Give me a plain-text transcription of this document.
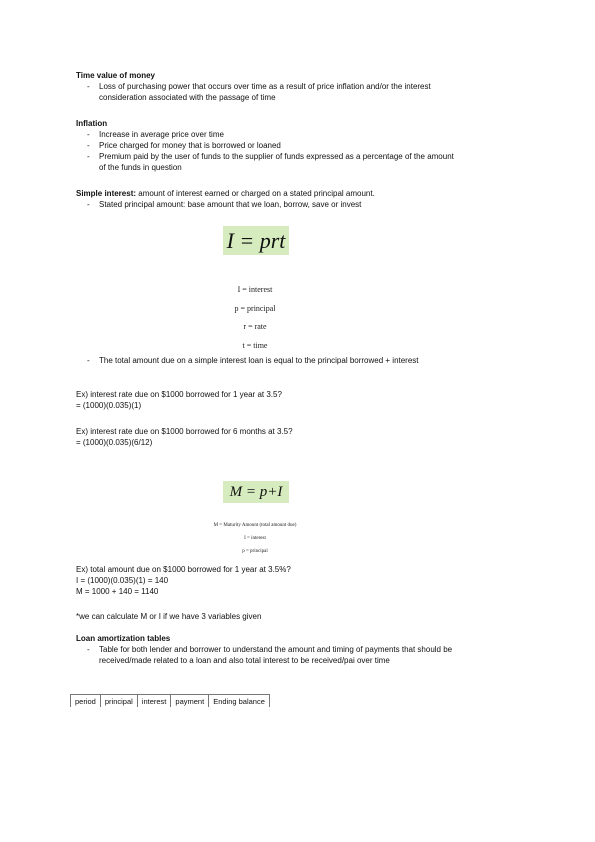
Time value of money
- Loss of purchasing power that occurs over time as a result of price inflation and/or the interest consideration associated with the passage of time
Inflation
- Increase in average price over time
- Price charged for money that is borrowed or loaned
- Premium paid by the user of funds to the supplier of funds expressed as a percentage of the amount of the funds in question
Simple interest: amount of interest earned or charged on a stated principal amount.
- Stated principal amount: base amount that we loan, borrow, save or invest
I = prt
I = interest
p = principal
r = rate
t = time
- The total amount due on a simple interest loan is equal to the principal borrowed + interest
Ex) interest rate due on $1000 borrowed for 1 year at 3.5?
= (1000)(0.035)(1)
Ex) interest rate due on $1000 borrowed for 6 months at 3.5?
= (1000)(0.035)(6/12)
M = p+I
M = Maturity Amount (total amount due)
I = interest
p = principal
Ex) total amount due on $1000 borrowed for 1 year at 3.5%?
I = (1000)(0.035)(1) = 140
M = 1000 + 140 = 1140
*we can calculate M or I if we have 3 variables given
Loan amortization tables
- Table for both lender and borrower to understand the amount and timing of payments that should be received/made related to a loan and also total interest to be received/pai over time
period	principal	interest	payment	Ending balance
